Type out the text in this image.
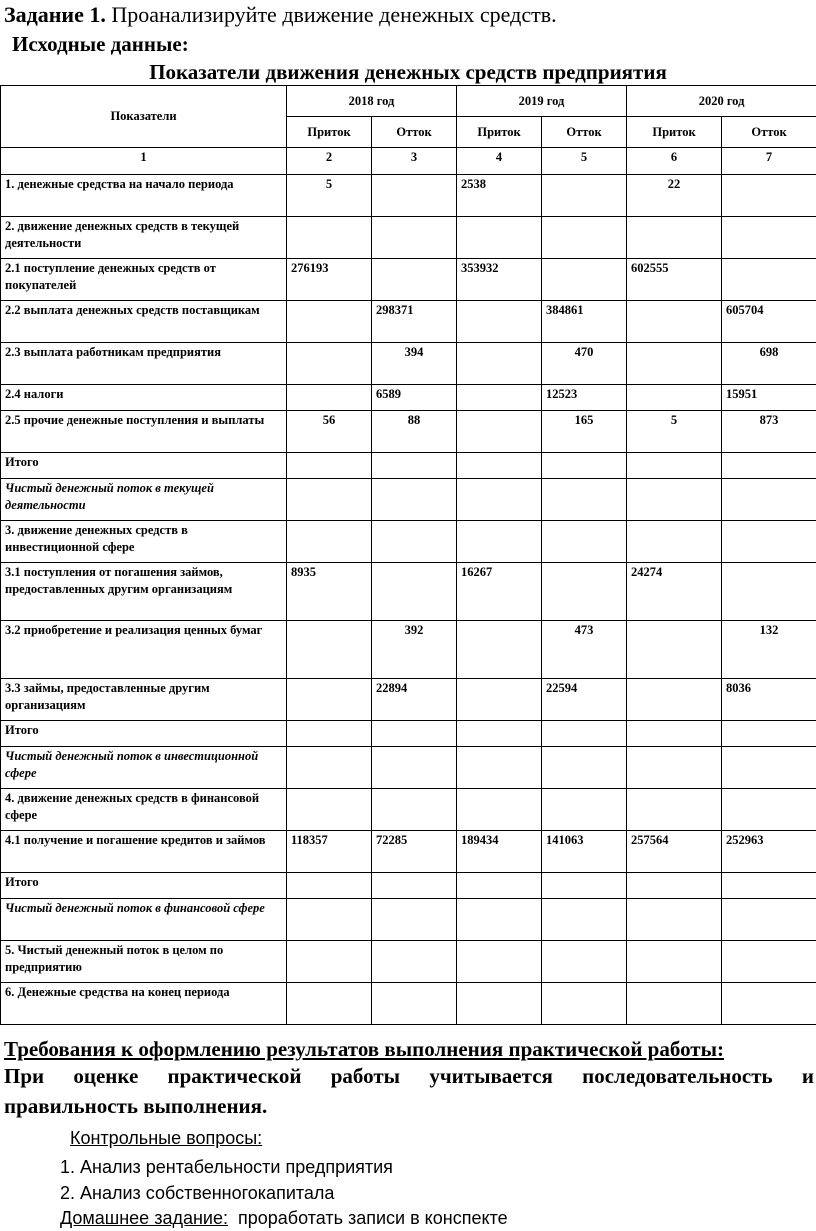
Задание 1. Проанализируйте движение денежных средств.
Исходные данные:
Показатели движения денежных средств предприятия
Показатели	2018 год		2019 год		2020 год	
	Приток	Отток	Приток	Отток	Приток	Отток
1	2	3	4	5	6	7
1. денежные средства на начало периода	5		2538		22	
2. движение денежных средств в текущей деятельности						
2.1 поступление денежных средств от покупателей	276193		353932		602555	
2.2 выплата денежных средств поставщикам		298371		384861		605704
2.3 выплата работникам предприятия		394		470		698
2.4 налоги		6589		12523		15951
2.5 прочие денежные поступления и выплаты	56	88		165	5	873
Итого						
Чистый денежный поток в текущей деятельности						
3. движение денежных средств в инвестиционной сфере						
3.1 поступления от погашения займов, предоставленных другим организациям	8935		16267		24274	
3.2 приобретение и реализация ценных бумаг		392		473		132
3.3 займы, предоставленные другим организациям		22894		22594		8036
Итого						
Чистый денежный поток в инвестиционной сфере						
4. движение денежных средств в финансовой сфере						
4.1 получение и погашение кредитов и займов	118357	72285	189434	141063	257564	252963
Итого						
Чистый денежный поток в финансовой сфере						
5. Чистый денежный поток в целом по предприятию						
6. Денежные средства на конец периода						
Требования к оформлению результатов выполнения практической работы:
При оценке практической работы учитывается последовательность и
правильность выполнения.
Контрольные вопросы:
1. Анализ рентабельности предприятия
2. Анализ собственногокапитала
Домашнее задание: проработать записи в конспекте
